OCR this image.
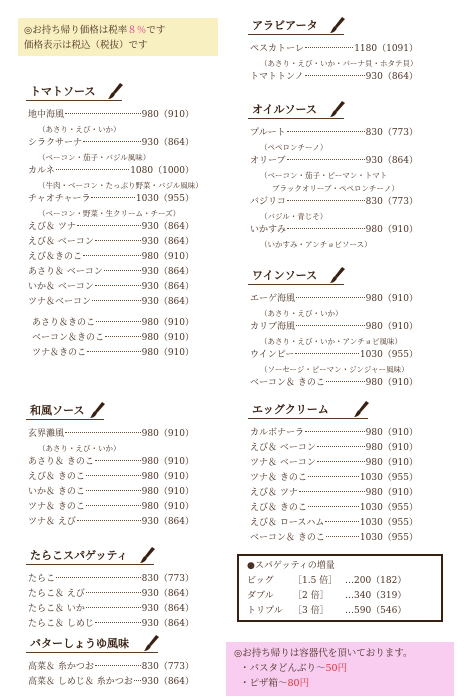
◎お持ち帰り価格は税率８％です
価格表示は税込（税抜）です
トマトソース
地中海風	980（910）
（あさり・えび・いか）
シラクサーナ	930（864）
（ベーコン・茄子・バジル風味）
カルネ	1080（1000）
（牛肉・ベーコン・たっぷり野菜・バジル風味）
チャオチャーラ	1030（955）
（ベーコン・野菜・生クリーム・チーズ）
えび＆ ツナ	930（864）
えび＆ ベーコン	930（864）
えび＆きのこ	980（910）
あさり＆ ベーコン	930（864）
いか＆ ベーコン	930（864）
ツナ＆ベーコン	930（864）
あさり＆きのこ	980（910）
ベーコン＆きのこ	980（910）
ツナ＆きのこ	980（910）
和風ソース
玄界灘風	980（910）
（あさり・えび・いか）
あさり＆ きのこ	980（910）
えび＆ きのこ	980（910）
いか＆ きのこ	980（910）
ツナ＆ きのこ	980（910）
ツナ＆ えび	930（864）
たらこスパゲッティ
たらこ	830（773）
たらこ＆ えび	930（864）
たらこ＆ いか	930（864）
たらこ＆ しめじ	930（864）
バターしょうゆ風味
高菜＆ 糸かつお	830（773）
高菜＆ しめじ＆ 糸かつお 930（864）
アラビアータ
ペスカトーレ	1180（1091）
（あさり・えび・いか・バーナ貝・ホタテ貝）
トマトトンノ	930（864）
オイルソース
プルート	830（773）
（ペペロンチーノ）
オリーブ	930（864）
（ベーコン・茄子・ピーマン・トマト
ブラックオリーブ・ペペロンチーノ）
バジリコ	830（773）
（バジル・青じそ）
いかすみ	980（910）
（いかすみ・アンチョビソース）
ワインソース
エーゲ海風	980（910）
（あさり・えび・いか）
カリブ海風	980（910）
（あさり・えび・いか・アンチョビ風味）
ウインピー	1030（955）
（ソーセージ・ピーマン・ジンジャー風味）
ベーコン＆ きのこ	980（910）
エッグクリーム
カルボナーラ	980（910）
えび＆ ベーコン	980（910）
ツナ＆ ベーコン	980（910）
ツナ＆ きのこ	1030（955）
えび＆ ツナ	980（910）
えび＆ きのこ	1030（955）
えび＆ ロースハム	1030（955）
ベーコン＆ きのこ	1030（955）
●スパゲッティの増量
ビッグ ［1.5 倍］ …200（182）
ダブル ［2 倍］ …340（319）
トリプル ［3 倍］ …590（546）
◎お持ち帰りは容器代を頂いております。
・パスタどんぶり～50円
・ピザ箱～80円
